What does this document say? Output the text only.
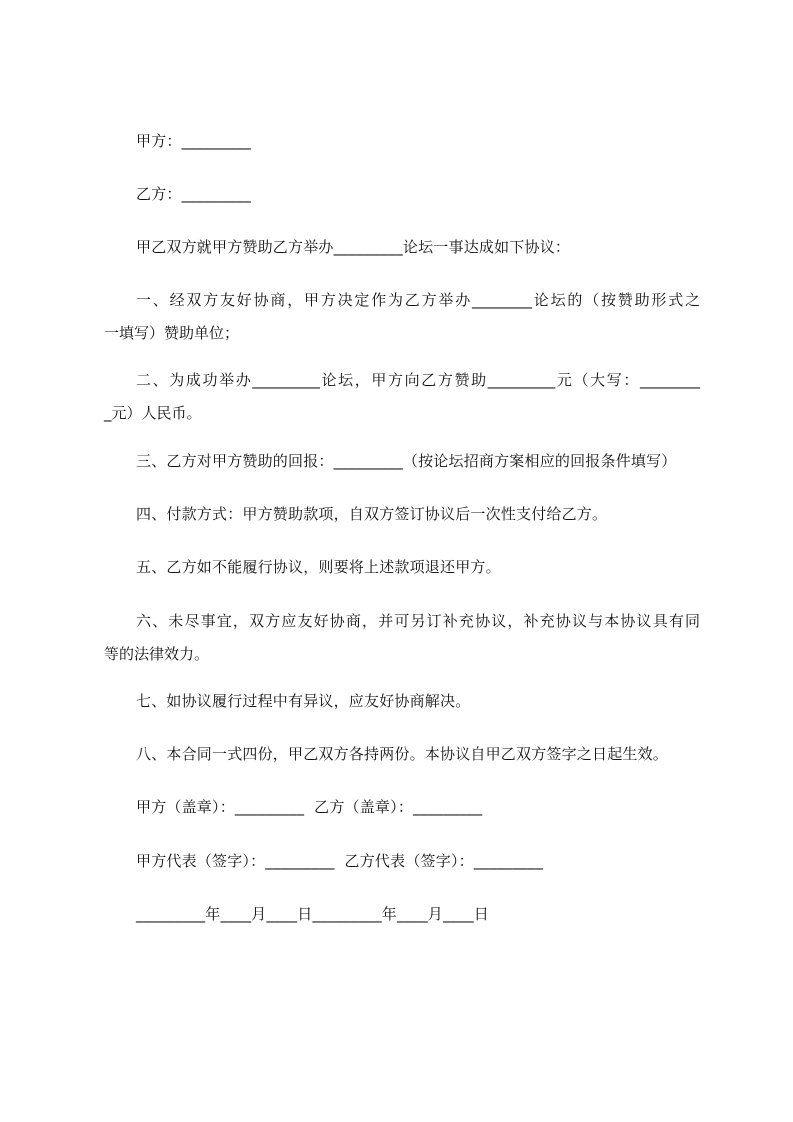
甲方：_________

乙方：_________

甲乙双方就甲方赞助乙方举办_________论坛一事达成如下协议：

一、经双方友好协商，甲方决定作为乙方举办________论坛的（按赞助形式之
一填写）赞助单位；
二、为成功举办_________论坛，甲方向乙方赞助_________元（大写：________
_元）人民币。

三、乙方对甲方赞助的回报：_________（按论坛招商方案相应的回报条件填写）

四、付款方式：甲方赞助款项，自双方签订协议后一次性支付给乙方。

五、乙方如不能履行协议，则要将上述款项退还甲方。

六、未尽事宜，双方应友好协商，并可另订补充协议，补充协议与本协议具有同
等的法律效力。

七、如协议履行过程中有异议，应友好协商解决。

八、本合同一式四份，甲乙双方各持两份。本协议自甲乙双方签字之日起生效。

甲方（盖章）：_________  乙方（盖章）：_________

甲方代表（签字）：_________  乙方代表（签字）：_________

_________年____月____日_________年____月____日
